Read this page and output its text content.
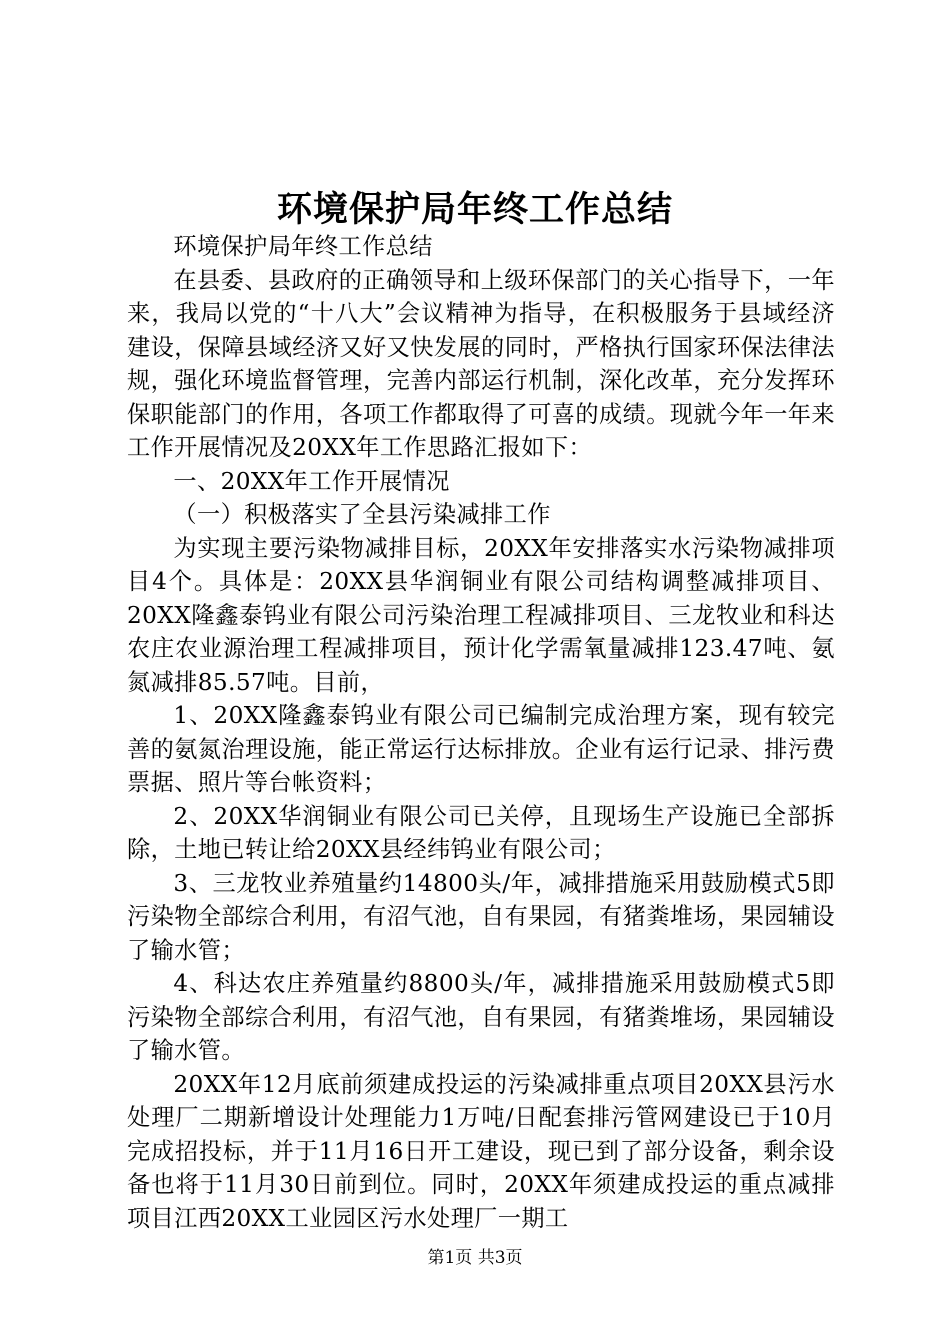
环境保护局年终工作总结

环境保护局年终工作总结

在县委、县政府的正确领导和上级环保部门的关心指导下，一年来，我局以党的“十八大”会议精神为指导，在积极服务于县域经济建设，保障县域经济又好又快发展的同时，严格执行国家环保法律法规，强化环境监督管理，完善内部运行机制，深化改革，充分发挥环保职能部门的作用，各项工作都取得了可喜的成绩。现就今年一年来工作开展情况及20XX年工作思路汇报如下：

一、20XX年工作开展情况

（一）积极落实了全县污染减排工作

为实现主要污染物减排目标，20XX年安排落实水污染物减排项目4个。具体是：20XX县华润铜业有限公司结构调整减排项目、20XX隆鑫泰钨业有限公司污染治理工程减排项目、三龙牧业和科达农庄农业源治理工程减排项目，预计化学需氧量减排123.47吨、氨氮减排85.57吨。目前，

1、20XX隆鑫泰钨业有限公司已编制完成治理方案，现有较完善的氨氮治理设施，能正常运行达标排放。企业有运行记录、排污费票据、照片等台帐资料；

2、20XX华润铜业有限公司已关停，且现场生产设施已全部拆除，土地已转让给20XX县经纬钨业有限公司；

3、三龙牧业养殖量约14800头/年，减排措施采用鼓励模式5即污染物全部综合利用，有沼气池，自有果园，有猪粪堆场，果园辅设了输水管；

4、科达农庄养殖量约8800头/年，减排措施采用鼓励模式5即污染物全部综合利用，有沼气池，自有果园，有猪粪堆场，果园辅设了输水管。

20XX年12月底前须建成投运的污染减排重点项目20XX县污水处理厂二期新增设计处理能力1万吨/日配套排污管网建设已于10月完成招投标，并于11月16日开工建设，现已到了部分设备，剩余设备也将于11月30日前到位。同时，20XX年须建成投运的重点减排项目江西20XX工业园区污水处理厂一期工

第1页 共3页
